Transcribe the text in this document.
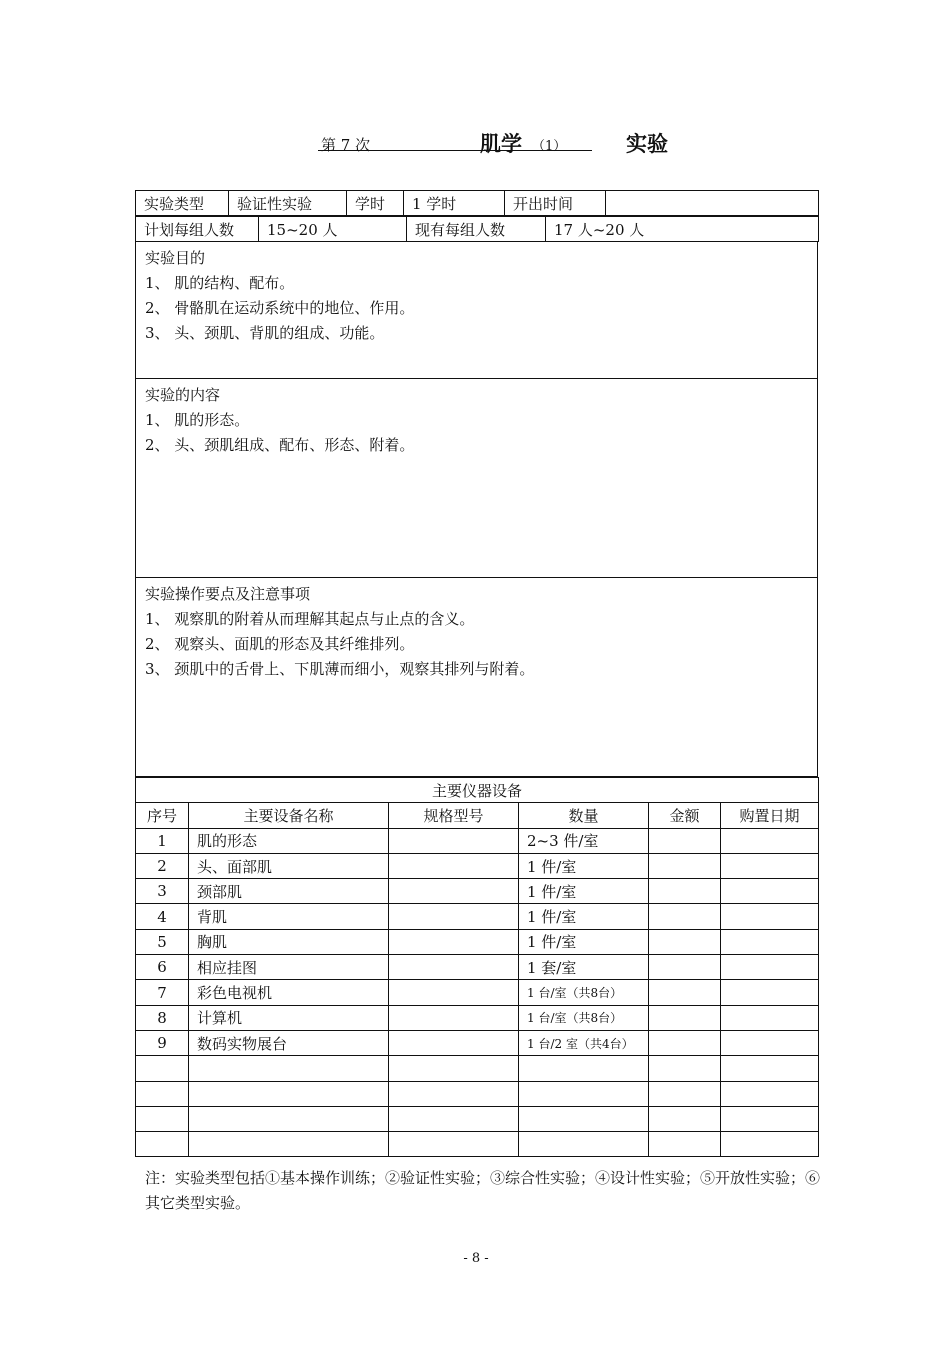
第 7 次	肌学 （1）	实验
实验类型	验证性实验	学时	1 学时	开出时间	
计划每组人数	15~20 人	现有每组人数	17 人~20 人
实验目的
1、 肌的结构、配布。
2、 骨骼肌在运动系统中的地位、作用。
3、 头、颈肌、背肌的组成、功能。
实验的内容
1、 肌的形态。
2、 头、颈肌组成、配布、形态、附着。
实验操作要点及注意事项
1、 观察肌的附着从而理解其起点与止点的含义。
2、 观察头、面肌的形态及其纤维排列。
3、 颈肌中的舌骨上、下肌薄而细小，观察其排列与附着。
主要仪器设备					
序号	主要设备名称	规格型号	数量	金额	购置日期
1	肌的形态		2~3 件/室		
2	头、面部肌		1 件/室		
3	颈部肌		1 件/室		
4	背肌		1 件/室		
5	胸肌		1 件/室		
6	相应挂图		1 套/室		
7	彩色电视机		1 台/室（共8台）		
8	计算机		1 台/室（共8台）		
9	数码实物展台		1 台/2 室（共4台）		

注：实验类型包括①基本操作训练；②验证性实验；③综合性实验；④设计性实验；⑤开放性实验；⑥其它类型实验。
- 8 -
